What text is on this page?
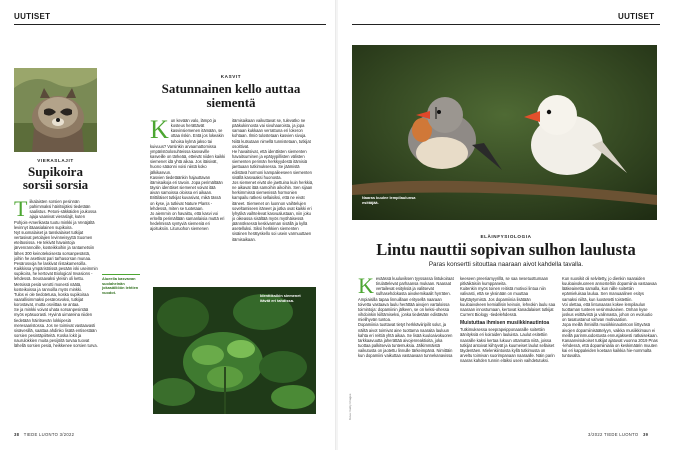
UUTISET
VIERASLAJIT
Supikoira sorsii sorsia
T iikalaisten sorsien pesinnän pahimmaksi häiritsijäksi tiedetään saalistus. Petoni-säkkäiden joukossa ajaja vaanivat vieraslajit, kuten Pohjois-Amerikasta tuotu minkki ja Venäjältä levinnyt itäaasialainen supikoira.
Nyt suomalaiset ja tanskalaiset tutkijat vertasivat petolajien levinneisyyttä Suomen eteläosissa. He tekivät havaintoja järvenrannoille, kosteikkoihin ja rantametsiin lähes 300 keinotekoisesta sorsanpesästä, joihin he asettivat pari tarhasorsan munaa. Pesärosvoja he laskivat riistakameroilla.
Kaikkissa ympäristöissä pesään iski useimmin supikoira, he kertovat Biological Invasions -lehdessä. Seuraavaksi yleisin oli kettu. Metsissä pesiä verotti monesti näätä, kosteikoissa ja rannoilla myös minkki.
Tulos ei ole tiedotetusa, koska supikoiraa vaarallisimmaksi pesärosvoksi, tutkijat korostavat, mutta osviittaa se antaa.
Se ja minkki voivat uhata sorsanpesintää myös epäsuorasti. Hyvinä uimareina niiden tiedetään häiritsevän lokkipesiä meresaaristossa. Jos ne toimivat vastaavasti sisävesillä, saattaa ahdinko lisätä entisestään sorsien pesintäpiirteitä. Koska lokit ja naurulokkien muita pesijöitä turvaa tuovat lähellä sorsien pesiä, heikkenee sorsien turva.
KASVIT
Satunnainen kello auttaa siementä
K un kevään valo, lämpö ja kosteus herättävät kasvinsiemenen itämään, se ottaa riskin. Entä jos lokeakin tuhoisa kylmä jakso tai kuivuus? Varsinkin arvaamattomissa ympäristöolosuhteissa kasvaville kasveille on tärkeää, etteivät niiden kaikki siemenet idä yhtä aikaa. Jos itäisivät, huono sääonni voisi niistä koko jälkikasvun.
Kasvien tiedetäänkin hajauttavan itämisaikoja eri tavoin. Jopa perimältään täysin identtiset siemenet voivat itää aivan samoissa oloissa eri aikaan. Brittiläiset tutkijat kuvasivat, mikä tässä on kyse, ja tutkivat Nature Plants -lehdessä, miten se tuotetaan.
Jo aiemmin on havaittu, että kasvi voi eritellä perimältään samanlaisia muttä eri hedelmissä syntyviä siemeniä eri ajoituksiin. Lituruohon siemenen
itämisaikaan vaikuttavat se, tulevatko ne pääkukinnosta vai sivuhaaroista, ja jopa samaan kukkaan verrattuna eri lokeron kohtaan. Ilmiö tulostetaan kasvien sivuja. Niitä kutsutaan nimellä tunnistetaan, tutkijat osoittivat.
He havaitsivat, että identtisten siementen havaitsuminen ja epätyypillisten välisten siementen perimän herkkyydestä itämisiä jaettuaan tutkimuksessa. Se jäämistä edistävä hormoni kampaileeseen siementen sisällä kasvaaksi huonosta.
Jos siemenet eivät ole jaettuina kuin herkkiä, ne aikavat itää samoihin aikoihin. Sen sijaan herkimmissä siemenissä hormonien kampailu ratkesi sellaisiksi, että ne eivät itäneet. Siemenet on luonnon vaihtelujen soveltamiseen itäneet ja jotka ovat kaikki eri lyhytikä vaihtelevat kasvualustaan, niin joku jo oikeassa sisältää myös myöhäisessä jäännöksessä keskivarman sisällä ja kyllä asetelluksi. Siksi herkkien siementen sisäinen herätyskello soi usein varmuuttaen itämisaikaan.
Identtiksikin siemenet itävät eri tahdissa.
Alueella kasvavan suolaheinän jokasäiliöön lehtien vuodot.
38 TIEDE LUONTO 3/2022
UUTISET
Naaras kuulee lempilaulunsa esittäjää.
ELÄINFYSIOLOGIA
Lintu nauttii sopivan sulhon laulusta
Paras konsertti sitouttaa naaraan aivot kahdella tavalla.
Kuva: Getty Images
K eväässä kuuluviksen tyyssassa lintukoiraat tirulattelevat parhaansa mukaan. Naaraat vertailevat esityksiä ja valitsevat sulhasehdokasta aivokemikaalit hyrräten.
Ampiaisilla tapaa linnuillaan eritysellä naaraan toivetta vastaava laulu herättää aivojen vartaloissa toimintoja: dopamiinin jälkeen, se on keksi-ohessa vihdoinkin kiiltämiseksi, jonka tiedetään edistävän mielihyvän tuntoa.
Dopamiinia tuottavat tietyt herkkäviiripilit solut, ja näiltä aivot toimivat aine tuottama naaraita lauluun kahta eri reittiä yhtä aikaa. Se lisää kuuloaivokuoren tarkkaavuutta jaherättää aivojenreaktioita, joka tuottaa palkitsevia tuntemuksia. Jälkimmäistä vaikutusta on jaotettu linnulle tärkeimpänä. Nimittäin kun dopamiini vaikuttaa vastaavaan tunnekanavissa
keeseen preeriamyyrillä, se saa nesetuottumaan pitkäikäisiin kumppaneita.
Kuitenkin myös toinen reitistä motivoi lintua niin valivasti, että se yksinään on muuttaa käyttäytymistä. Jos dopamiinia lisätään kuuloaivokeen kemiallisin keinoin, lehvokin laulu saa naaraan innostumaan, kertovat kanadalaiset tutkijat Current Biology -tiedelehdessä.
Muistuttaa ihmisen musiikkinautintoa
Tutkimuksessa seeprapeipponaaraille soitettiin äänityksiä eri koiraiden lauluista. Laulut esitettiin naaraille kaksi kertaa lukuun ottamatta niitä, joissa tutkijat antoivat kiihtyvät ja kuumeiset laulut sellaiset täydentäen. Mielenkiintoista kyllä tutkimusta on arveltu toimivan suorimpanaan naaraalle. Näin parin naaras kahden tunnin eläiksi usein vaihdetutuksi.
Kun suosikit oli selvitetty, jo dienkin naaraiden kuuloaivokuoreen annosteltiin dopamiinia vastaavaa lääkeainetta samalla, kun niille soitettiin epämieluisaa laulua. Sen manuaalinen esitys samaksi niiltä, kun luostetetti toistettiin.
Voi olettaa, että lintunaaras kokee lempilaulun tuottaman tunteen vesinmukainen. Onhan kyse joskus esittävistä ja valinnasta, johon on evoluutio on tasatustanut vahvan motivaation.
Jopa meillä ihmisillä musiikkinautintoon liittyväsä aivojen dopamiinisäätelyyn, vaikka musiikkimaun ei meillä parinmuodostusta ennusjaksesti ratkaisekaan. Kanaanvisukoiset tutkijat ajatuvat vuonna 2019 Pnas -lehdessä, että dopamiinialia on keskimäärin muuten kai eri kappaleiden koetaan kaikkia hie-nommalta tuntuvalta.
3/2022 TIEDE LUONTO 39
